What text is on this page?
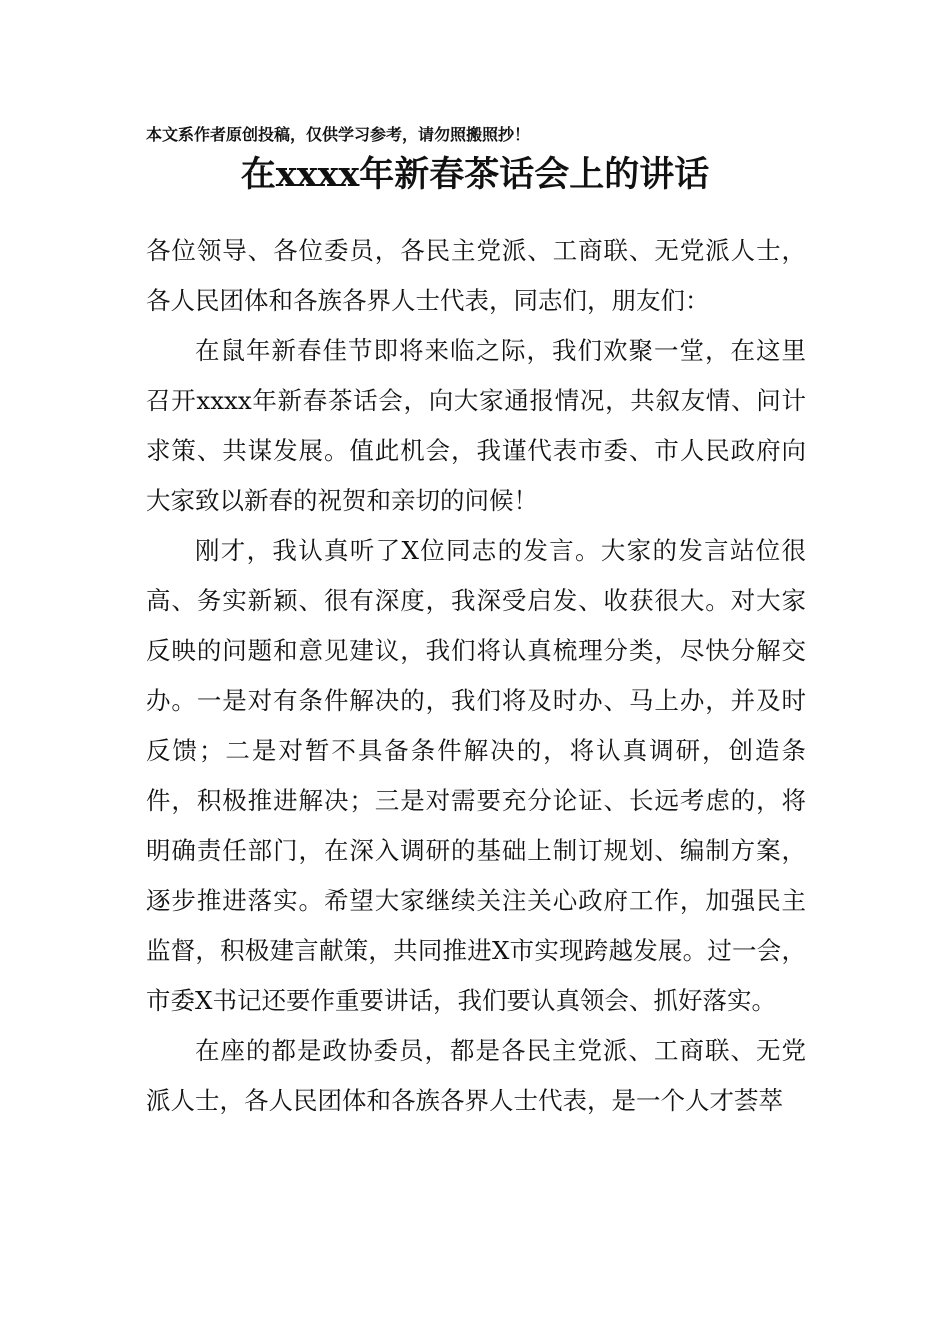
本文系作者原创投稿，仅供学习参考，请勿照搬照抄！
在xxxx年新春茶话会上的讲话

各位领导、各位委员，各民主党派、工商联、无党派人士，各人民团体和各族各界人士代表，同志们，朋友们：

在鼠年新春佳节即将来临之际，我们欢聚一堂，在这里召开xxxx年新春茶话会，向大家通报情况，共叙友情、问计求策、共谋发展。值此机会，我谨代表市委、市人民政府向大家致以新春的祝贺和亲切的问候！

刚才，我认真听了X位同志的发言。大家的发言站位很高、务实新颖、很有深度，我深受启发、收获很大。对大家反映的问题和意见建议，我们将认真梳理分类，尽快分解交办。一是对有条件解决的，我们将及时办、马上办，并及时反馈；二是对暂不具备条件解决的，将认真调研，创造条件，积极推进解决；三是对需要充分论证、长远考虑的，将明确责任部门，在深入调研的基础上制订规划、编制方案，逐步推进落实。希望大家继续关注关心政府工作，加强民主监督，积极建言献策，共同推进X市实现跨越发展。过一会，市委X书记还要作重要讲话，我们要认真领会、抓好落实。

在座的都是政协委员，都是各民主党派、工商联、无党派人士，各人民团体和各族各界人士代表，是一个人才荟萃
